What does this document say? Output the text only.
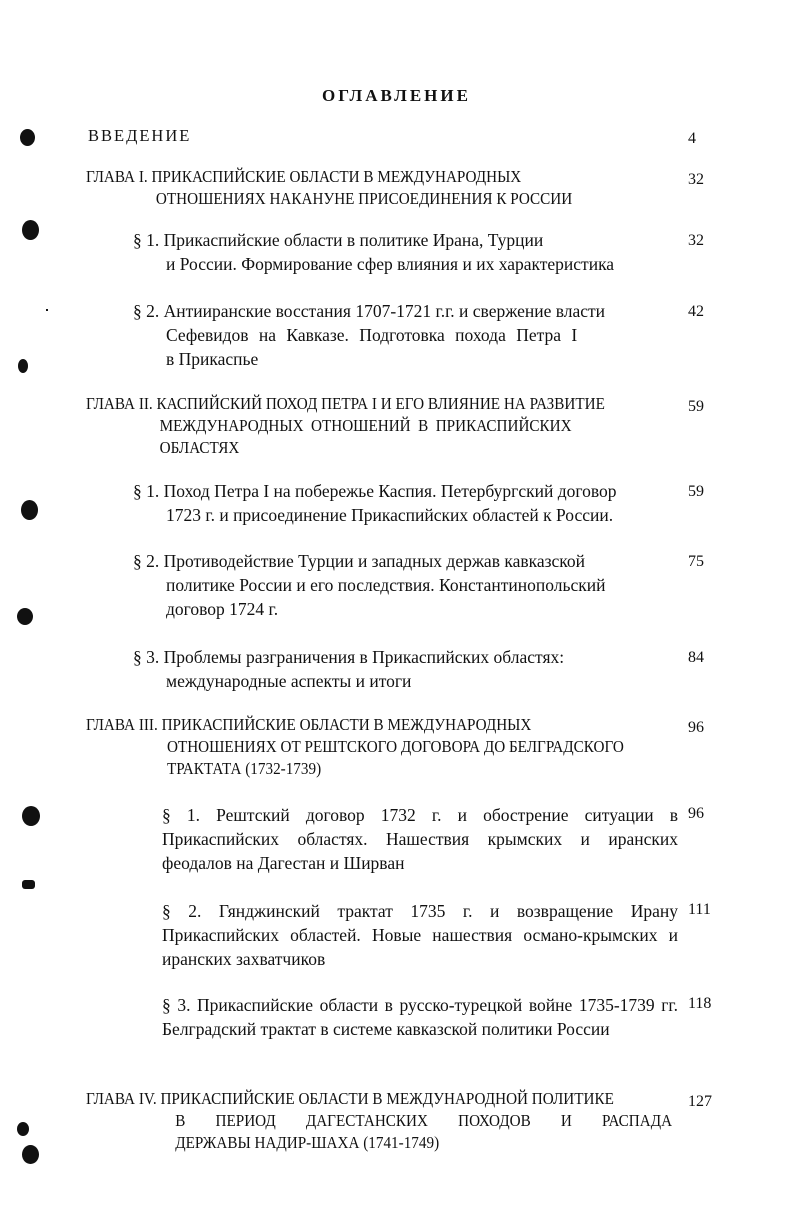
ОГЛАВЛЕНИЕ
ВВЕДЕНИЕ	4
ГЛАВА I. ПРИКАСПИЙСКИЕ ОБЛАСТИ В МЕЖДУНАРОДНЫХ
ОТНОШЕНИЯХ НАКАНУНЕ ПРИСОЕДИНЕНИЯ К РОССИИ
32
§ 1. Прикаспийские области в политике Ирана, Турции
и России. Формирование сфер влияния и их характеристика
32
§ 2. Антииранские восстания 1707-1721 г.г. и свержение власти
Сефевидов на Кавказе. Подготовка похода Петра I
в Прикаспье
42
ГЛАВА II. КАСПИЙСКИЙ ПОХОД ПЕТРА I И ЕГО ВЛИЯНИЕ НА РАЗВИТИЕ
МЕЖДУНАРОДНЫХ ОТНОШЕНИЙ В ПРИКАСПИЙСКИХ
ОБЛАСТЯХ
59
§ 1. Поход Петра I на побережье Каспия. Петербургский договор
1723 г. и присоединение Прикаспийских областей к России.
59
§ 2. Противодействие Турции и западных держав кавказской
политике России и его последствия. Константинопольский
договор 1724 г.
75
§ 3. Проблемы разграничения в Прикаспийских областях:
международные аспекты и итоги
84
ГЛАВА III. ПРИКАСПИЙСКИЕ ОБЛАСТИ В МЕЖДУНАРОДНЫХ
ОТНОШЕНИЯХ ОТ РЕШТСКОГО ДОГОВОРА ДО БЕЛГРАДСКОГО
ТРАКТАТА (1732-1739)
96
§ 1. Рештский договор 1732 г. и обострение ситуации в Прикаспийских областях. Нашествия крымских и иранских феодалов на Дагестан и Ширван
96
§ 2. Гянджинский трактат 1735 г. и возвращение Ирану Прикаспийских областей. Новые нашествия османо-крымских и иранских захватчиков
111
§ 3. Прикаспийские области в русско-турецкой войне 1735-1739 гг. Белградский трактат в системе кавказской политики России
118
ГЛАВА IV. ПРИКАСПИЙСКИЕ ОБЛАСТИ В МЕЖДУНАРОДНОЙ ПОЛИТИКЕ
В ПЕРИОД ДАГЕСТАНСКИХ ПОХОДОВ И РАСПАДА
ДЕРЖАВЫ НАДИР-ШАХА (1741-1749)
127
